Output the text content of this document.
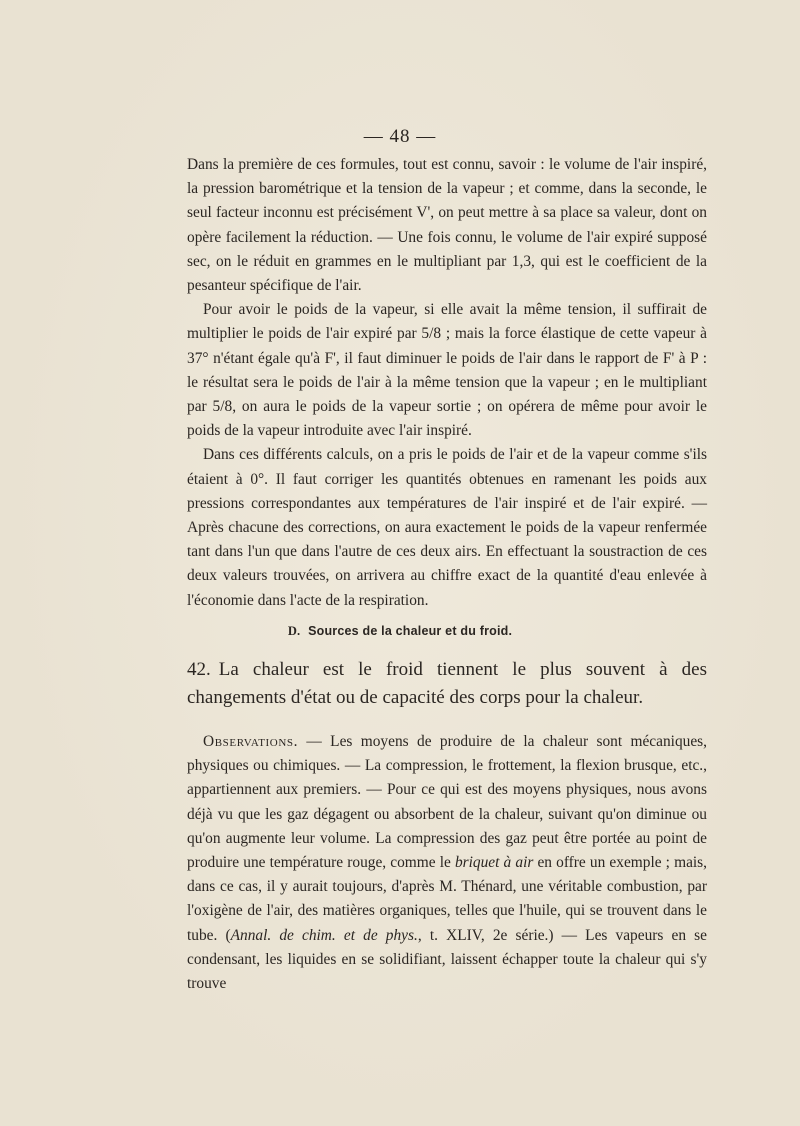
— 48 —

Dans la première de ces formules, tout est connu, savoir : le volume de l'air inspiré, la pression barométrique et la tension de la vapeur ; et comme, dans la seconde, le seul facteur inconnu est précisément V', on peut mettre à sa place sa valeur, dont on opère facilement la réduction. — Une fois connu, le volume de l'air expiré supposé sec, on le réduit en grammes en le multipliant par 1,3, qui est le coefficient de la pesanteur spécifique de l'air.

Pour avoir le poids de la vapeur, si elle avait la même tension, il suffirait de multiplier le poids de l'air expiré par 5/8 ; mais la force élastique de cette vapeur à 37° n'étant égale qu'à F', il faut diminuer le poids de l'air dans le rapport de F' à P : le résultat sera le poids de l'air à la même tension que la vapeur ; en le multipliant par 5/8, on aura le poids de la vapeur sortie ; on opérera de même pour avoir le poids de la vapeur introduite avec l'air inspiré.

Dans ces différents calculs, on a pris le poids de l'air et de la vapeur comme s'ils étaient à 0°. Il faut corriger les quantités obtenues en ramenant les poids aux pressions correspondantes aux températures de l'air inspiré et de l'air expiré. — Après chacune des corrections, on aura exactement le poids de la vapeur renfermée tant dans l'un que dans l'autre de ces deux airs. En effectuant la soustraction de ces deux valeurs trouvées, on arrivera au chiffre exact de la quantité d'eau enlevée à l'économie dans l'acte de la respiration.

D. Sources de la chaleur et du froid.
42. La chaleur est le froid tiennent le plus souvent à des changements d'état ou de capacité des corps pour la chaleur.

Observations. — Les moyens de produire de la chaleur sont mécaniques, physiques ou chimiques. — La compression, le frottement, la flexion brusque, etc., appartiennent aux premiers. — Pour ce qui est des moyens physiques, nous avons déjà vu que les gaz dégagent ou absorbent de la chaleur, suivant qu'on diminue ou qu'on augmente leur volume. La compression des gaz peut être portée au point de produire une température rouge, comme le briquet à air en offre un exemple ; mais, dans ce cas, il y aurait toujours, d'après M. Thénard, une véritable combustion, par l'oxigène de l'air, des matières organiques, telles que l'huile, qui se trouvent dans le tube. (Annal. de chim. et de phys., t. XLIV, 2e série.) — Les vapeurs en se condensant, les liquides en se solidifiant, laissent échapper toute la chaleur qui s'y trouve
